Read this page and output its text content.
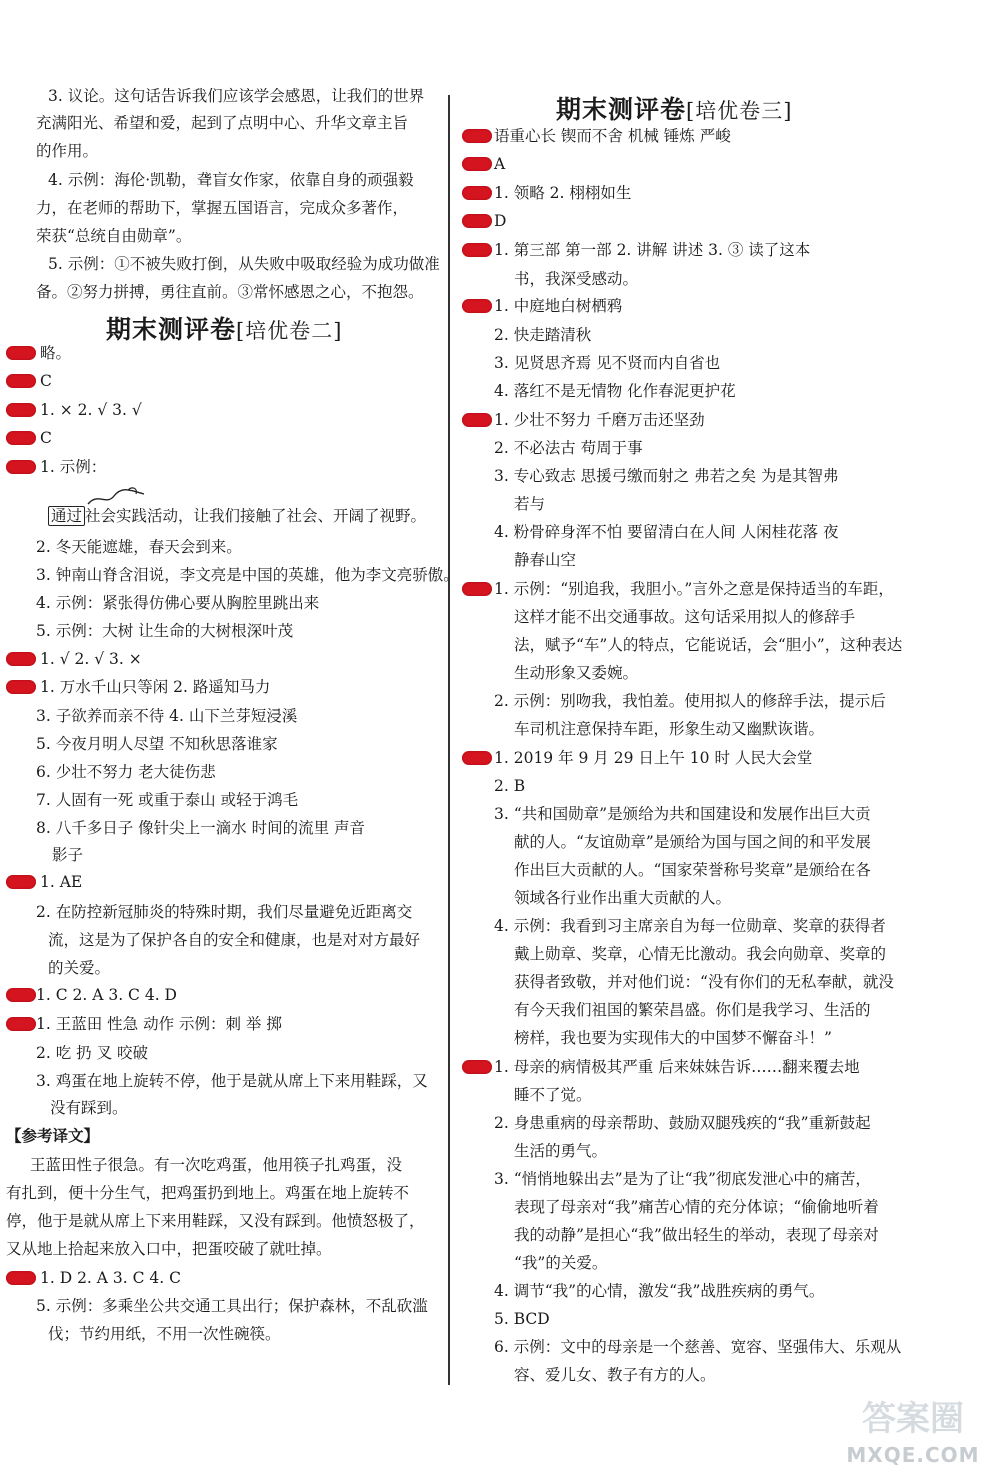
3. 议论。这句话告诉我们应该学会感恩，让我们的世界
充满阳光、希望和爱，起到了点明中心、升华文章主旨
的作用。
4. 示例：海伦·凯勒，聋盲女作家，依靠自身的顽强毅
力，在老师的帮助下，掌握五国语言，完成众多著作，
荣获“总统自由勋章”。
5. 示例：①不被失败打倒，从失败中吸取经验为成功做准
备。②努力拼搏，勇往直前。③常怀感恩之心，不抱怨。
期末测评卷[培优卷二]
略。
C
1. × 2. √ 3. √
C
1. 示例：
通过 社会实践活动，让我们接触了社会、开阔了视野。
2. 冬天能遮雄，春天会到来。
3. 钟南山脊含泪说，李文亮是中国的英雄，他为李文亮骄傲。
4. 示例：紧张得仿佛心要从胸腔里跳出来
5. 示例：大树 让生命的大树根深叶茂
1. √ 2. √ 3. ×
1. 万水千山只等闲 2. 路遥知马力
3. 子欲养而亲不待 4. 山下兰芽短浸溪
5. 今夜月明人尽望 不知秋思落谁家
6. 少壮不努力 老大徒伤悲
7. 人固有一死 或重于泰山 或轻于鸿毛
8. 八千多日子 像针尖上一滴水 时间的流里 声音
影子
1. AE
2. 在防控新冠肺炎的特殊时期，我们尽量避免近距离交
流，这是为了保护各自的安全和健康，也是对对方最好
的关爱。
1. C 2. A 3. C 4. D
1. 王蓝田 性急 动作 示例：刺 举 掷
2. 吃 扔 叉 咬破
3. 鸡蛋在地上旋转不停，他于是就从席上下来用鞋踩，又
没有踩到。
【参考译文】
王蓝田性子很急。有一次吃鸡蛋，他用筷子扎鸡蛋，没
有扎到，便十分生气，把鸡蛋扔到地上。鸡蛋在地上旋转不
停，他于是就从席上下来用鞋踩，又没有踩到。他愤怒极了，
又从地上拾起来放入口中，把蛋咬破了就吐掉。
1. D 2. A 3. C 4. C
5. 示例：多乘坐公共交通工具出行；保护森林，不乱砍滥
伐；节约用纸，不用一次性碗筷。
期末测评卷[培优卷三]
语重心长 锲而不舍 机械 锤炼 严峻
A
1. 领略 2. 栩栩如生
D
1. 第三部 第一部 2. 讲解 讲述 3. ③ 读了这本
书，我深受感动。
1. 中庭地白树栖鸦
2. 快走踏清秋
3. 见贤思齐焉 见不贤而内自省也
4. 落红不是无情物 化作春泥更护花
1. 少壮不努力 千磨万击还坚劲
2. 不必法古 苟周于事
3. 专心致志 思援弓缴而射之 弗若之矣 为是其智弗
若与
4. 粉骨碎身浑不怕 要留清白在人间 人闲桂花落 夜
静春山空
1. 示例：“别追我，我胆小。”言外之意是保持适当的车距，
这样才能不出交通事故。这句话采用拟人的修辞手
法，赋予“车”人的特点，它能说话，会“胆小”，这种表达
生动形象又委婉。
2. 示例：别吻我，我怕羞。使用拟人的修辞手法，提示后
车司机注意保持车距，形象生动又幽默诙谐。
1. 2019 年 9 月 29 日上午 10 时 人民大会堂
2. B
3. “共和国勋章”是颁给为共和国建设和发展作出巨大贡
献的人。“友谊勋章”是颁给为国与国之间的和平发展
作出巨大贡献的人。“国家荣誉称号奖章”是颁给在各
领域各行业作出重大贡献的人。
4. 示例：我看到习主席亲自为每一位勋章、奖章的获得者
戴上勋章、奖章，心情无比激动。我会向勋章、奖章的
获得者致敬，并对他们说：“没有你们的无私奉献，就没
有今天我们祖国的繁荣昌盛。你们是我学习、生活的
榜样，我也要为实现伟大的中国梦不懈奋斗！”
1. 母亲的病情极其严重 后来妹妹告诉……翻来覆去地
睡不了觉。
2. 身患重病的母亲帮助、鼓励双腿残疾的“我”重新鼓起
生活的勇气。
3. “悄悄地躲出去”是为了让“我”彻底发泄心中的痛苦，
表现了母亲对“我”痛苦心情的充分体谅；“偷偷地听着
我的动静”是担心“我”做出轻生的举动，表现了母亲对
“我”的关爱。
4. 调节“我”的心情，激发“我”战胜疾病的勇气。
5. BCD
6. 示例：文中的母亲是一个慈善、宽容、坚强伟大、乐观从
容、爱儿女、教子有方的人。
答案圈
MXQE.COM
